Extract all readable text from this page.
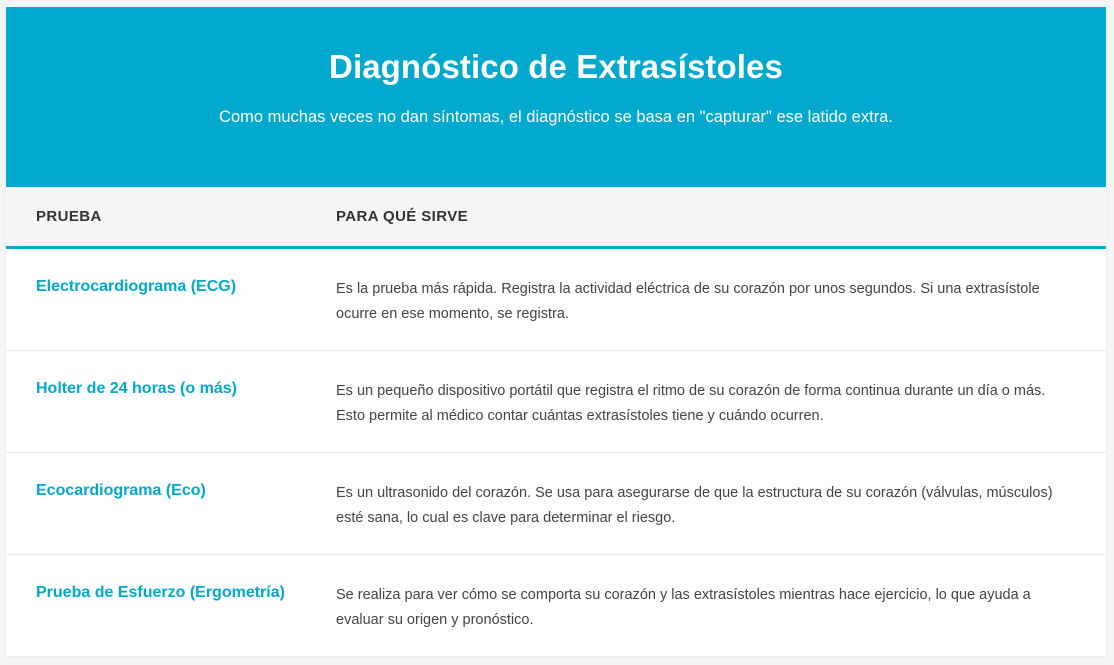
Diagnóstico de Extrasístoles

Como muchas veces no dan síntomas, el diagnóstico se basa en "capturar" ese latido extra.

PRUEBA	PARA QUÉ SIRVE
Electrocardiograma (ECG)	Es la prueba más rápida. Registra la actividad eléctrica de su corazón por unos segundos. Si una extrasístole ocurre en ese momento, se registra.
Holter de 24 horas (o más)	Es un pequeño dispositivo portátil que registra el ritmo de su corazón de forma continua durante un día o más. Esto permite al médico contar cuántas extrasístoles tiene y cuándo ocurren.
Ecocardiograma (Eco)	Es un ultrasonido del corazón. Se usa para asegurarse de que la estructura de su corazón (válvulas, músculos) esté sana, lo cual es clave para determinar el riesgo.
Prueba de Esfuerzo (Ergometría)	Se realiza para ver cómo se comporta su corazón y las extrasístoles mientras hace ejercicio, lo que ayuda a evaluar su origen y pronóstico.
